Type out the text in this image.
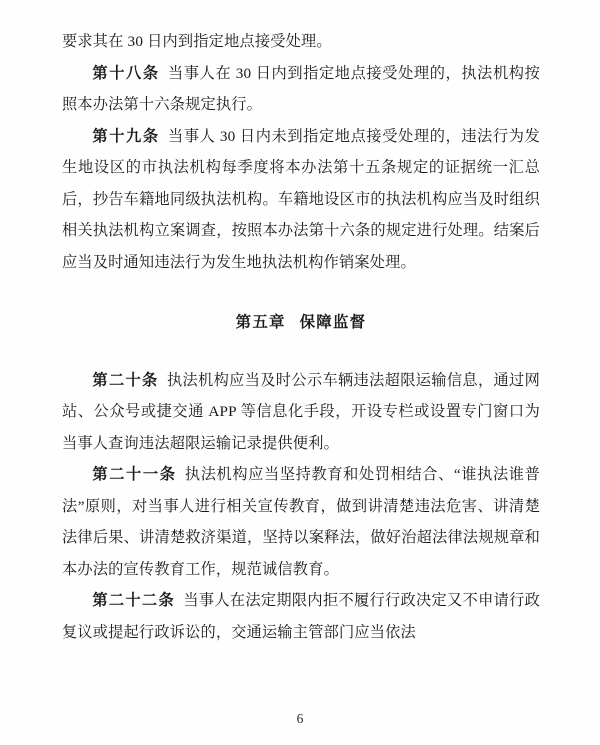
要求其在 30 日内到指定地点接受处理。

第十八条 当事人在 30 日内到指定地点接受处理的，执法机构按照本办法第十六条规定执行。

第十九条 当事人 30 日内未到指定地点接受处理的，违法行为发生地设区的市执法机构每季度将本办法第十五条规定的证据统一汇总后，抄告车籍地同级执法机构。车籍地设区市的执法机构应当及时组织相关执法机构立案调查，按照本办法第十六条的规定进行处理。结案后应当及时通知违法行为发生地执法机构作销案处理。

第五章 保障监督

第二十条 执法机构应当及时公示车辆违法超限运输信息，通过网站、公众号或捷交通 APP 等信息化手段，开设专栏或设置专门窗口为当事人查询违法超限运输记录提供便利。

第二十一条 执法机构应当坚持教育和处罚相结合、“谁执法谁普法”原则，对当事人进行相关宣传教育，做到讲清楚违法危害、讲清楚法律后果、讲清楚救济渠道，坚持以案释法，做好治超法律法规规章和本办法的宣传教育工作，规范诚信教育。

第二十二条 当事人在法定期限内拒不履行行政决定又不申请行政复议或提起行政诉讼的，交通运输主管部门应当依法

6
